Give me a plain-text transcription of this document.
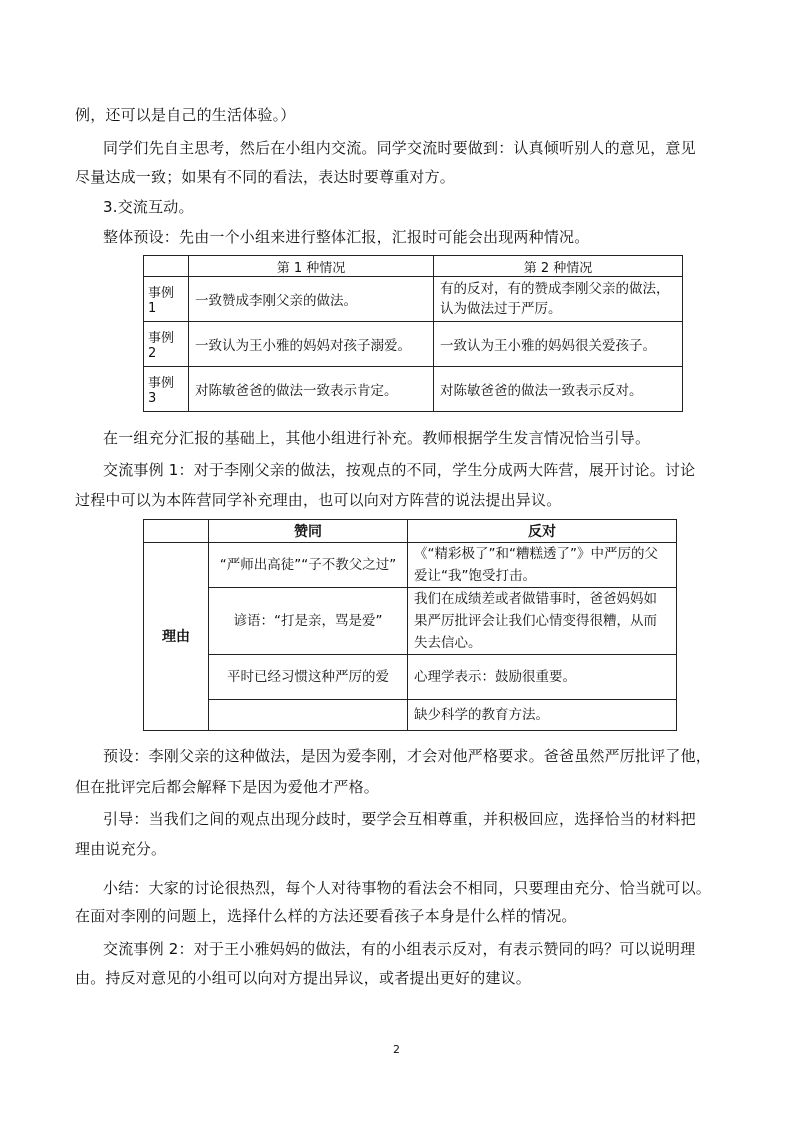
例，还可以是自己的生活体验。）
同学们先自主思考，然后在小组内交流。同学交流时要做到：认真倾听别人的意见，意见
尽量达成一致；如果有不同的看法，表达时要尊重对方。
3.交流互动。
整体预设：先由一个小组来进行整体汇报，汇报时可能会出现两种情况。
	第 1 种情况	第 2 种情况
事例 1	一致赞成李刚父亲的做法。	有的反对，有的赞成李刚父亲的做法，认为做法过于严厉。
事例 2	一致认为王小雅的妈妈对孩子溺爱。	一致认为王小雅的妈妈很关爱孩子。
事例 3	对陈敏爸爸的做法一致表示肯定。	对陈敏爸爸的做法一致表示反对。
在一组充分汇报的基础上，其他小组进行补充。教师根据学生发言情况恰当引导。
交流事例 1：对于李刚父亲的做法，按观点的不同，学生分成两大阵营，展开讨论。讨论
过程中可以为本阵营同学补充理由，也可以向对方阵营的说法提出异议。
	赞同	反对
理由	“严师出高徒”“子不教父之过”	《“精彩极了”和“糟糕透了”》中严厉的父爱让“我”饱受打击。
	谚语：“打是亲，骂是爱”	我们在成绩差或者做错事时，爸爸妈妈如果严厉批评会让我们心情变得很糟，从而失去信心。
	平时已经习惯这种严厉的爱	心理学表示：鼓励很重要。
		缺少科学的教育方法。
预设：李刚父亲的这种做法，是因为爱李刚，才会对他严格要求。爸爸虽然严厉批评了他，
但在批评完后都会解释下是因为爱他才严格。
引导：当我们之间的观点出现分歧时，要学会互相尊重，并积极回应，选择恰当的材料把
理由说充分。
小结：大家的讨论很热烈，每个人对待事物的看法会不相同，只要理由充分、恰当就可以。
在面对李刚的问题上，选择什么样的方法还要看孩子本身是什么样的情况。
交流事例 2：对于王小雅妈妈的做法，有的小组表示反对，有表示赞同的吗？可以说明理
由。持反对意见的小组可以向对方提出异议，或者提出更好的建议。
2
